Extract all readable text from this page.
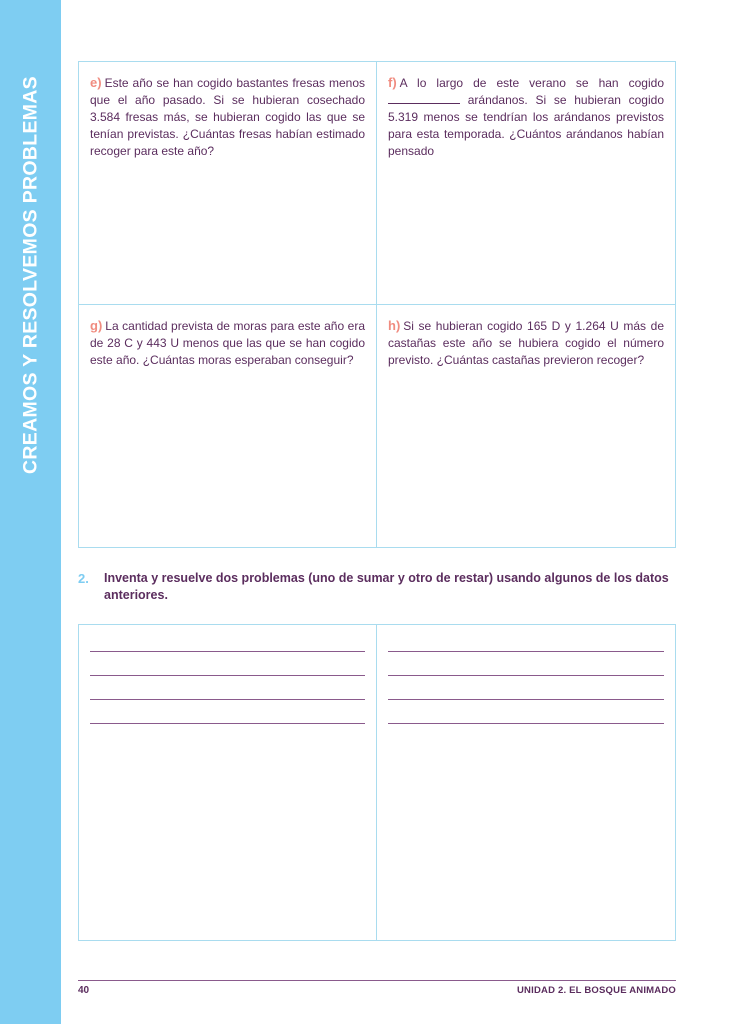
CREAMOS Y RESOLVEMOS PROBLEMAS	e) Este año se han cogido bastantes fresas menos que el año pasado. Si se hubieran cosechado 3.584 fresas más, se hubieran cogido las que se tenían previstas. ¿Cuántas fresas habían estimado recoger para este año?

f) A lo largo de este verano se han cogido  arándanos. Si se hubieran cogido 5.319 menos se tendrían los arándanos previstos para esta temporada. ¿Cuántos arándanos habían pensado

g) La cantidad prevista de moras para este año era de 28 C y 443 U menos que las que se han cogido este año. ¿Cuántas moras esperaban conseguir?

h) Si se hubieran cogido 165 D y 1.264 U más de castañas este año se hubiera cogido el número previsto. ¿Cuántas castañas previeron recoger?

2.	Inventa y resuelve dos problemas (uno de sumar y otro de restar) usando algunos de los datos anteriores.
40	UNIDAD 2. EL BOSQUE ANIMADO
